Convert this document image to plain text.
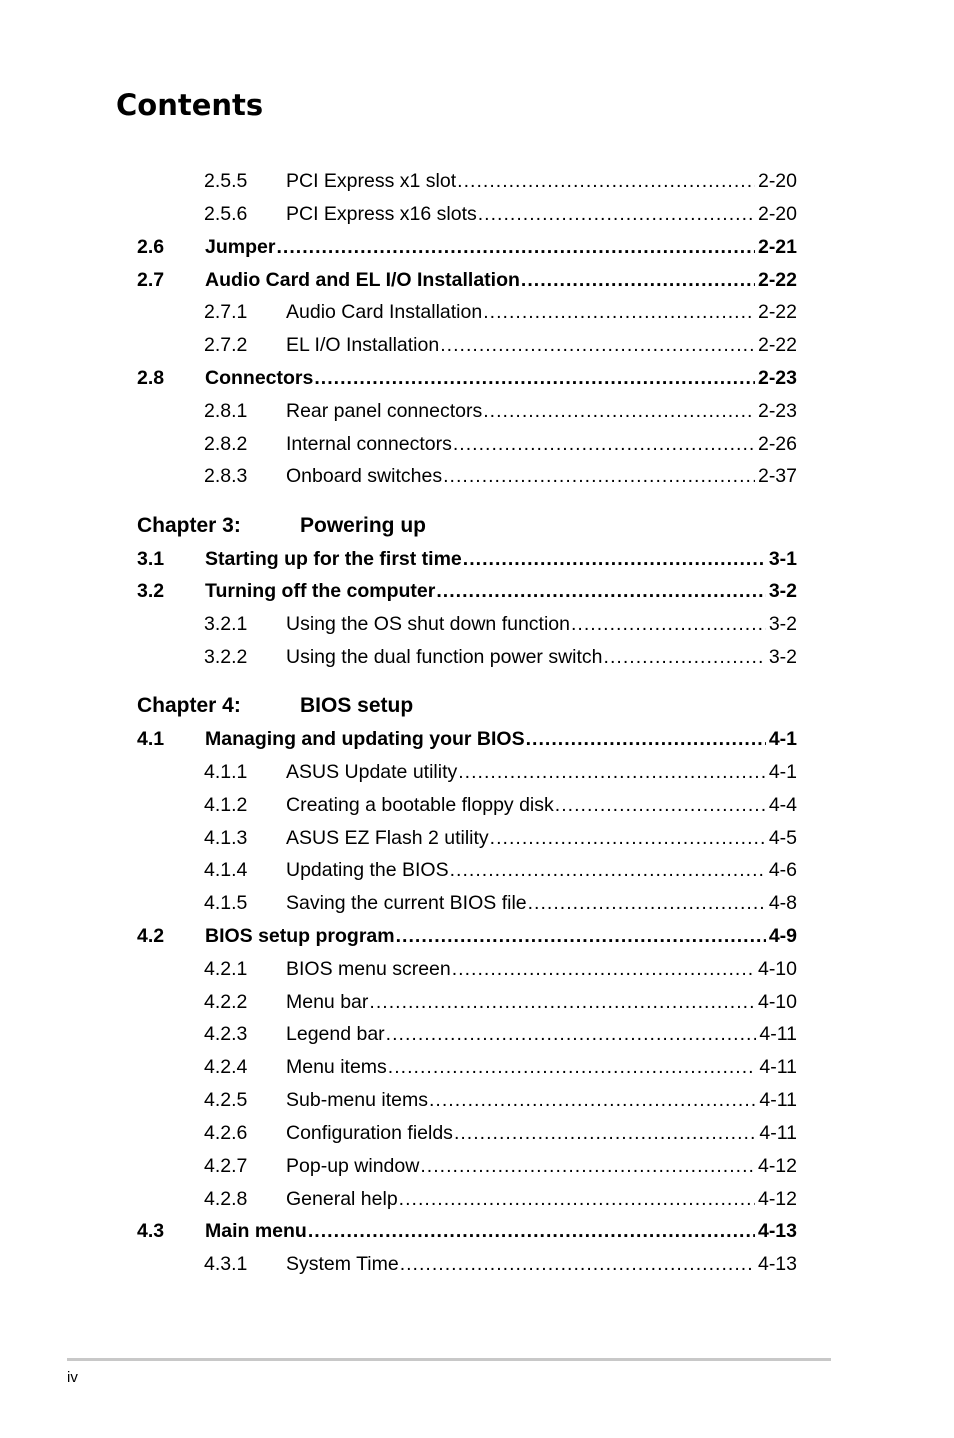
Contents
2.5.5 PCI Express x1 slot . . .	2-20
2.5.6 PCI Express x16 slots . . .	2-20
2.6 Jumper . . .	2-21
2.7 Audio Card and EL I/O Installation . . .	2-22
2.7.1 Audio Card Installation . . .	2-22
2.7.2 EL I/O Installation . . .	2-22
2.8 Connectors . . .	2-23
2.8.1 Rear panel connectors . . .	2-23
2.8.2 Internal connectors . . .	2-26
2.8.3 Onboard switches . . .	2-37
Chapter 3:	Powering up
3.1 Starting up for the first time . . .	3-1
3.2 Turning off the computer . . .	3-2
3.2.1 Using the OS shut down function . . .	3-2
3.2.2 Using the dual function power switch . . .	3-2
Chapter 4:	BIOS setup
4.1 Managing and updating your BIOS . . .	4-1
4.1.1 ASUS Update utility . . .	4-1
4.1.2 Creating a bootable floppy disk . . .	4-4
4.1.3 ASUS EZ Flash 2 utility . . .	4-5
4.1.4 Updating the BIOS . . .	4-6
4.1.5 Saving the current BIOS file . . .	4-8
4.2 BIOS setup program . . .	4-9
4.2.1 BIOS menu screen . . .	4-10
4.2.2 Menu bar . . .	4-10
4.2.3 Legend bar . . .	4-11
4.2.4 Menu items . . .	4-11
4.2.5 Sub-menu items . . .	4-11
4.2.6 Configuration fields . . .	4-11
4.2.7 Pop-up window . . .	4-12
4.2.8 General help . . .	4-12
4.3 Main menu . . .	4-13
4.3.1 System Time . . .	4-13
iv
